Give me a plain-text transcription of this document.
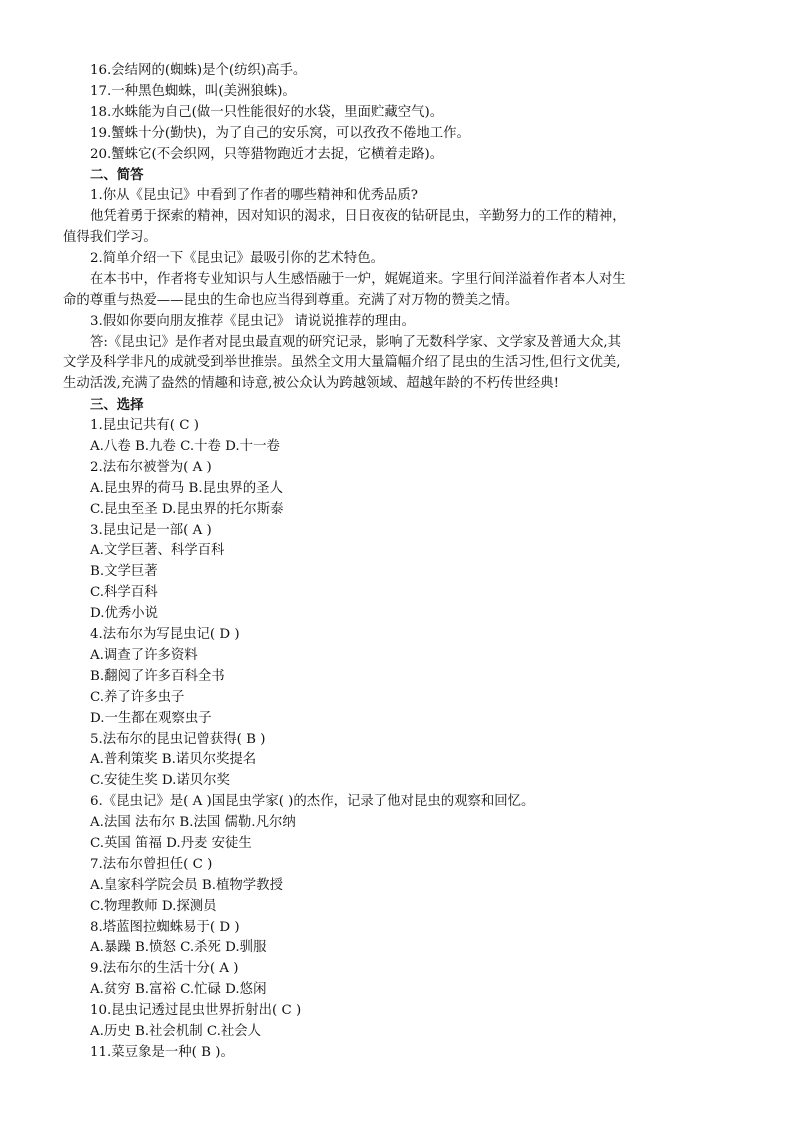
16.会结网的(蜘蛛)是个(纺织)高手。
17.一种黑色蜘蛛，叫(美洲狼蛛)。
18.水蛛能为自己(做一只性能很好的水袋，里面贮藏空气)。
19.蟹蛛十分(勤快)，为了自己的安乐窝，可以孜孜不倦地工作。
20.蟹蛛它(不会织网，只等猎物跑近才去捉，它横着走路)。
二、简答
1.你从《昆虫记》中看到了作者的哪些精神和优秀品质?
他凭着勇于探索的精神，因对知识的渴求，日日夜夜的钻研昆虫，辛勤努力的工作的精神，
值得我们学习。
2.简单介绍一下《昆虫记》最吸引你的艺术特色。
在本书中，作者将专业知识与人生感悟融于一炉，娓娓道来。字里行间洋溢着作者本人对生
命的尊重与热爱——昆虫的生命也应当得到尊重。充满了对万物的赞美之情。
3.假如你要向朋友推荐《昆虫记》 请说说推荐的理由。
答:《昆虫记》是作者对昆虫最直观的研究记录，影响了无数科学家、文学家及普通大众,其
文学及科学非凡的成就受到举世推崇。虽然全文用大量篇幅介绍了昆虫的生活习性,但行文优美,
生动活泼,充满了盎然的情趣和诗意,被公众认为跨越领域、超越年龄的不朽传世经典!
三、选择
1.昆虫记共有( C )
A.八卷 B.九卷 C.十卷 D.十一卷
2.法布尔被誉为( A )
A.昆虫界的荷马 B.昆虫界的圣人
C.昆虫至圣 D.昆虫界的托尔斯泰
3.昆虫记是一部( A )
A.文学巨著、科学百科
B.文学巨著
C.科学百科
D.优秀小说
4.法布尔为写昆虫记( D )
A.调查了许多资料
B.翻阅了许多百科全书
C.养了许多虫子
D.一生都在观察虫子
5.法布尔的昆虫记曾获得( B )
A.普利策奖 B.诺贝尔奖提名
C.安徒生奖 D.诺贝尔奖
6.《昆虫记》是( A )国昆虫学家( )的杰作，记录了他对昆虫的观察和回忆。
A.法国 法布尔 B.法国 儒勒.凡尔纳
C.英国 笛福 D.丹麦 安徒生
7.法布尔曾担任( C )
A.皇家科学院会员 B.植物学教授
C.物理教师 D.探测员
8.塔蓝图拉蜘蛛易于( D )
A.暴躁 B.愤怒 C.杀死 D.驯服
9.法布尔的生活十分( A )
A.贫穷 B.富裕 C.忙碌 D.悠闲
10.昆虫记透过昆虫世界折射出( C )
A.历史 B.社会机制 C.社会人
11.菜豆象是一种( B )。
